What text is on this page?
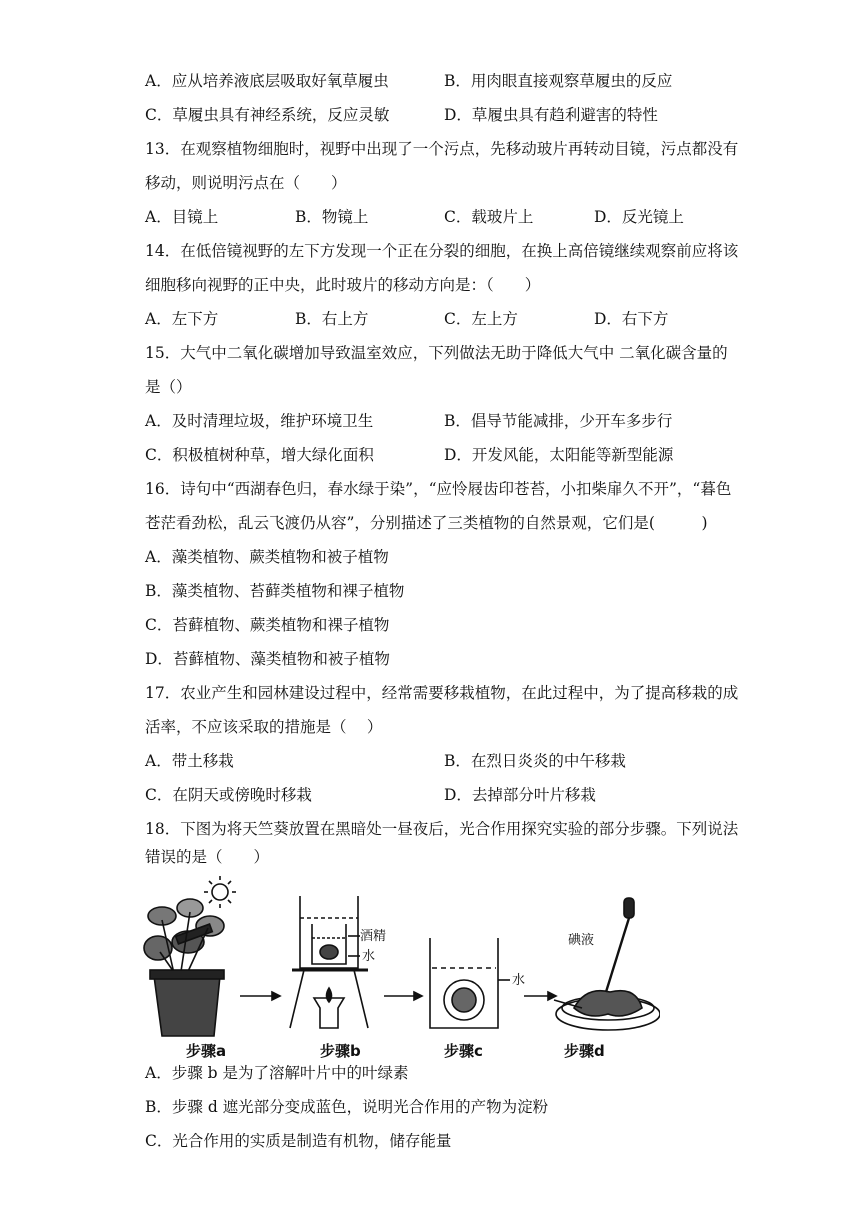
A．应从培养液底层吸取好氧草履虫	B．用肉眼直接观察草履虫的反应
C．草履虫具有神经系统，反应灵敏	D．草履虫具有趋利避害的特性
13．在观察植物细胞时，视野中出现了一个污点，先移动玻片再转动目镜，污点都没有
移动，则说明污点在（　　）
A．目镜上	B．物镜上	C．载玻片上	D．反光镜上
14．在低倍镜视野的左下方发现一个正在分裂的细胞，在换上高倍镜继续观察前应将该
细胞移向视野的正中央，此时玻片的移动方向是：（　　）
A．左下方	B．右上方	C．左上方	D．右下方
15．大气中二氧化碳增加导致温室效应，下列做法无助于降低大气中 二氧化碳含量的
是（）
A．及时清理垃圾，维护环境卫生	B．倡导节能减排，少开车多步行
C．积极植树种草，增大绿化面积	D．开发风能，太阳能等新型能源
16．诗句中“西湖春色归，春水绿于染”，“应怜屐齿印苍苔，小扣柴扉久不开”，“暮色
苍茫看劲松，乱云飞渡仍从容”，分别描述了三类植物的自然景观，它们是(　　　)
A．藻类植物、蕨类植物和被子植物
B．藻类植物、苔藓类植物和裸子植物
C．苔藓植物、蕨类植物和裸子植物
D．苔藓植物、藻类植物和被子植物
17．农业产生和园林建设过程中，经常需要移栽植物，在此过程中，为了提高移栽的成
活率，不应该采取的措施是（　 ）
A．带土移栽	B．在烈日炎炎的中午移栽
C．在阴天或傍晚时移栽	D．去掉部分叶片移栽
18．下图为将天竺葵放置在黑暗处一昼夜后，光合作用探究实验的部分步骤。下列说法
错误的是（　　）
酒精
水
水
碘液
步骤a	步骤b	步骤c	步骤d
A．步骤 b 是为了溶解叶片中的叶绿素
B．步骤 d 遮光部分变成蓝色，说明光合作用的产物为淀粉
C．光合作用的实质是制造有机物，储存能量
